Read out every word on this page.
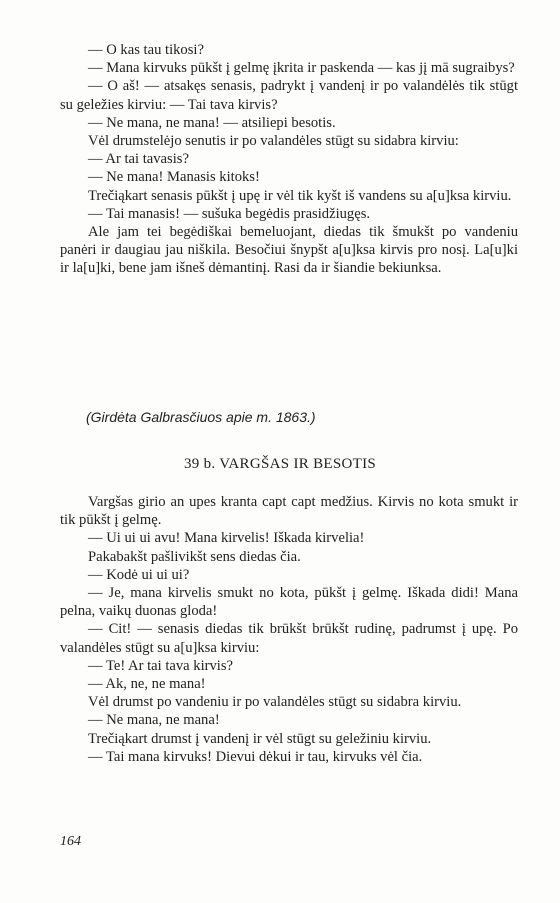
— O kas tau tikosi?

— Mana kirvuks pūkšt į gelmę įkrita ir paskenda — kas jį mā sugraibys?

— O aš! — atsakęs senasis, padrykt į vandenį ir po valandėlės tik stūgt su geležies kirviu: — Tai tava kirvis?

— Ne mana, ne mana! — atsiliepi besotis.

Vėl drumstelėjo senutis ir po valandėles stūgt su sidabra kirviu:

— Ar tai tavasis?

— Ne mana! Manasis kitoks!

Trečiąkart senasis pūkšt į upę ir vėl tik kyšt iš vandens su a[u]ksa kirviu.

— Tai manasis! — sušuka begėdis prasidžiugęs.

Ale jam tei begėdiškai bemeluojant, diedas tik šmukšt po vandeniu panėri ir daugiau jau niškila. Besočiui šnypšt a[u]ksa kirvis pro nosį. La[u]ki ir la[u]ki, bene jam išneš dėmantinį. Rasi da ir šiandie bekiunksa.

(Girdėta Galbrasčiuos apie m. 1863.)
39 b. VARGŠAS IR BESOTIS

Vargšas girio an upes kranta capt capt medžius. Kirvis no kota smukt ir tik pūkšt į gelmę.

— Ui ui ui avu! Mana kirvelis! Iškada kirvelia!

Pakabakšt pašlivikšt sens diedas čia.

— Kodė ui ui ui?

— Je, mana kirvelis smukt no kota, pūkšt į gelmę. Iškada didi! Mana pelna, vaikų duonas gloda!

— Cit! — senasis diedas tik brūkšt brūkšt rudinę, padrumst į upę. Po valandėles stūgt su a[u]ksa kirviu:

— Te! Ar tai tava kirvis?

— Ak, ne, ne mana!

Vėl drumst po vandeniu ir po valandėles stūgt su sidabra kirviu.

— Ne mana, ne mana!

Trečiąkart drumst į vandenį ir vėl stūgt su geležiniu kirviu.

— Tai mana kirvuks! Dievui dėkui ir tau, kirvuks vėl čia.

164
